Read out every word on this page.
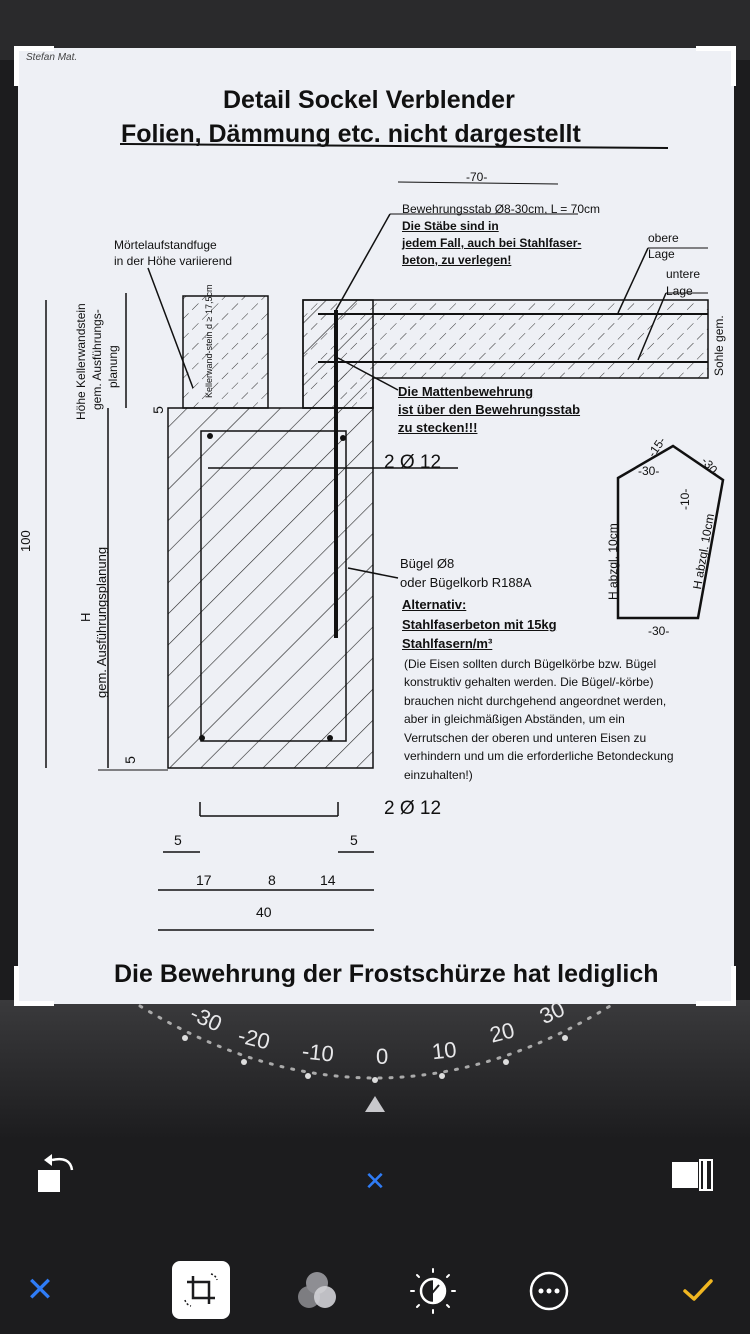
Stefan Mat.
Detail Sockel Verblender
Folien, Dämmung etc. nicht dargestellt
-70-
Bewehrungsstab Ø8-30cm, L = 70cm
Die Stäbe sind in
jedem Fall, auch bei Stahlfaser-
beton, zu verlegen!
Mörtelaufstandfuge
in der Höhe variierend
obere
Lage
untere
Lage
Sohle gem.
Höhe Kellerwandstein gem. Ausführungs- planung
H gem. Ausführungsplanung
100
Kellerwand-stein d ≥ 17,5cm	Die Mattenbewehrung
ist über den Bewehrungsstab
zu stecken!!!
2 Ø 12
2 Ø 12
Bügel Ø8
oder Bügelkorb R188A
Alternativ:
Stahlfaserbeton mit 15kg
Stahlfasern/m³
(Die Eisen sollten durch Bügelkörbe bzw. Bügel
konstruktiv gehalten werden. Die Bügel/-körbe)
brauchen nicht durchgehend angeordnet werden,
aber in gleichmäßigen Abständen, um ein
Verrutschen der oberen und unteren Eisen zu
verhindern und um die erforderliche Betondeckung
einzuhalten!)
-15-
-30-	-30-
-10-
H abzgl. 10cm	H abzgl. 10cm
-30-
5
5
5	5
17	8	14
40
Die Bewehrung der Frostschürze hat lediglich
-30
-20 -10 0 10
20
30
✕
✕
